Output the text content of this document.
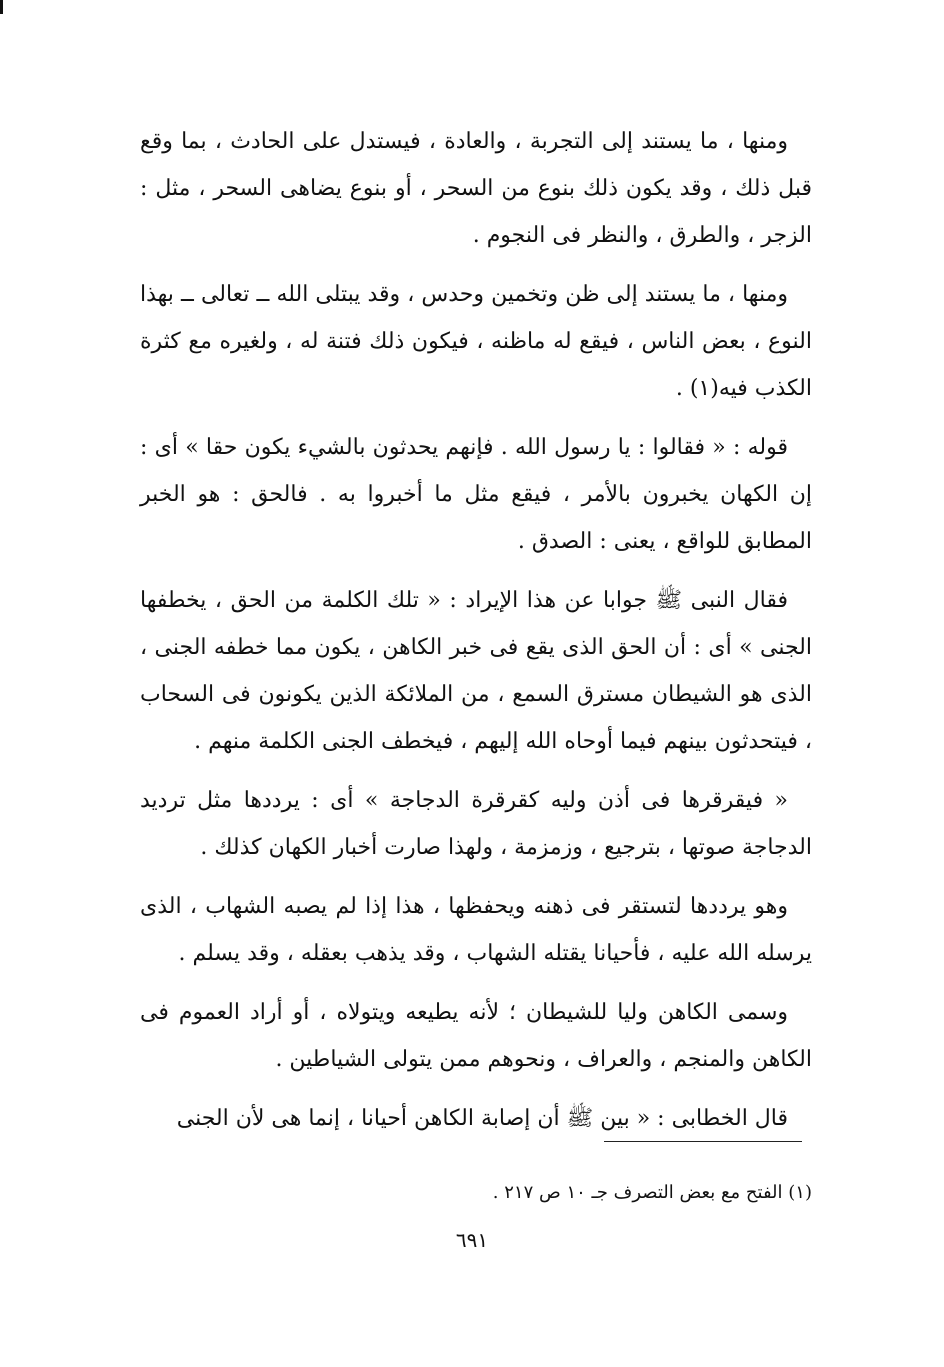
ومنها ، ما يستند إلى التجربة ، والعادة ، فيستدل على الحادث ، بما وقع قبل ذلك ، وقد يكون ذلك بنوع من السحر ، أو بنوع يضاهى السحر ، مثل : الزجر ، والطرق ، والنظر فى النجوم .

ومنها ، ما يستند إلى ظن وتخمين وحدس ، وقد يبتلى الله ــ تعالى ــ بهذا النوع ، بعض الناس ، فيقع له ماظنه ، فيكون ذلك فتنة له ، ولغيره مع كثرة الكذب فيه(١) .

قوله : « فقالوا : يا رسول الله . فإنهم يحدثون بالشيء يكون حقا » أى : إن الكهان يخبرون بالأمر ، فيقع مثل ما أخبروا به . فالحق : هو الخبر المطابق للواقع ، يعنى : الصدق .

فقال النبى ﷺ جوابا عن هذا الإيراد : « تلك الكلمة من الحق ، يخطفها الجنى » أى : أن الحق الذى يقع فى خبر الكاهن ، يكون مما خطفه الجنى ، الذى هو الشيطان مسترق السمع ، من الملائكة الذين يكونون فى السحاب ، فيتحدثون بينهم فيما أوحاه الله إليهم ، فيخطف الجنى الكلمة منهم .

« فيقرقرها فى أذن وليه كقرقرة الدجاجة » أى : يرددها مثل ترديد الدجاجة صوتها ، بترجيع ، وزمزمة ، ولهذا صارت أخبار الكهان كذلك .

وهو يرددها لتستقر فى ذهنه ويحفظها ، هذا إذا لم يصبه الشهاب ، الذى يرسله الله عليه ، فأحيانا يقتله الشهاب ، وقد يذهب بعقله ، وقد يسلم .

وسمى الكاهن وليا للشيطان ؛ لأنه يطيعه ويتولاه ، أو أراد العموم فى الكاهن والمنجم ، والعراف ، ونحوهم ممن يتولى الشياطين .

قال الخطابى : « بين ﷺ أن إصابة الكاهن أحيانا ، إنما هى لأن الجنى

(١) الفتح مع بعض التصرف جـ ١٠ ص ٢١٧ .
٦٩١
